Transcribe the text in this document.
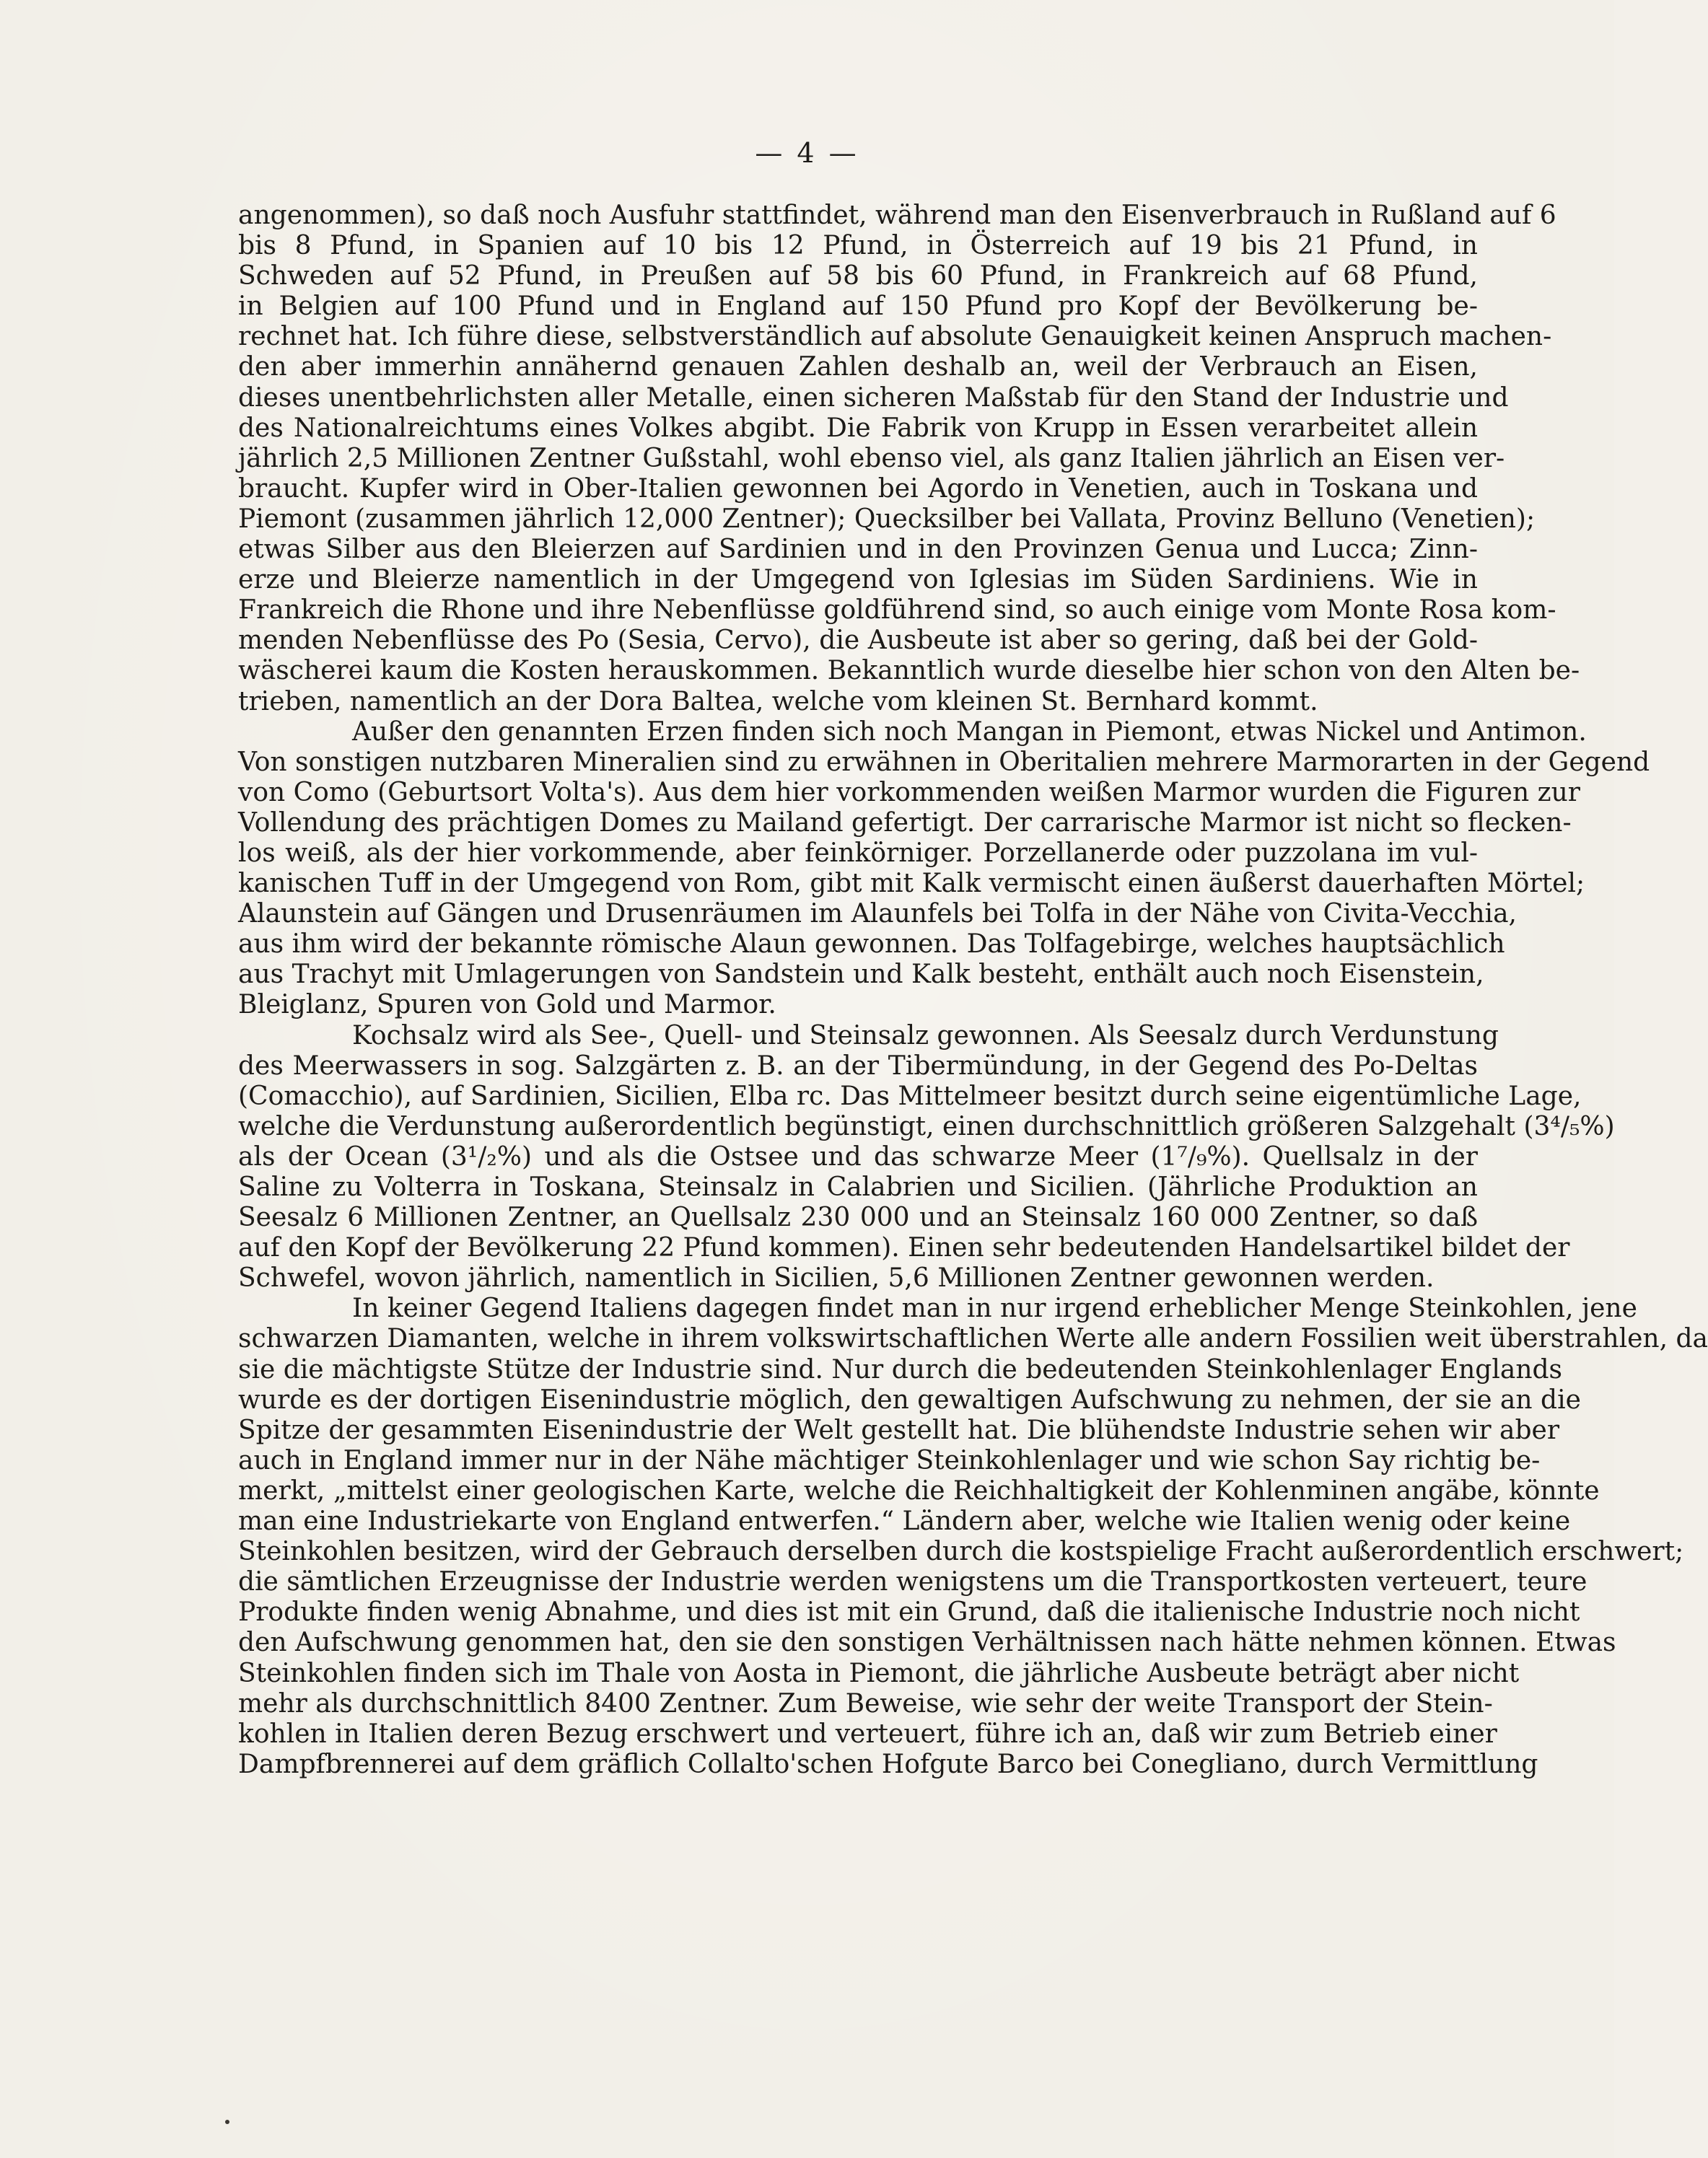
— 4 —
angenommen), so daß noch Ausfuhr stattfindet, während man den Eisenverbrauch in Rußland auf 6
bis 8 Pfund, in Spanien auf 10 bis 12 Pfund, in Österreich auf 19 bis 21 Pfund, in
Schweden auf 52 Pfund, in Preußen auf 58 bis 60 Pfund, in Frankreich auf 68 Pfund,
in Belgien auf 100 Pfund und in England auf 150 Pfund pro Kopf der Bevölkerung be-
rechnet hat. Ich führe diese, selbstverständlich auf absolute Genauigkeit keinen Anspruch machen-
den aber immerhin annähernd genauen Zahlen deshalb an, weil der Verbrauch an Eisen,
dieses unentbehrlichsten aller Metalle, einen sicheren Maßstab für den Stand der Industrie und
des Nationalreichtums eines Volkes abgibt. Die Fabrik von Krupp in Essen verarbeitet allein
jährlich 2,5 Millionen Zentner Gußstahl, wohl ebenso viel, als ganz Italien jährlich an Eisen ver-
braucht. Kupfer wird in Ober-Italien gewonnen bei Agordo in Venetien, auch in Toskana und
Piemont (zusammen jährlich 12,000 Zentner); Quecksilber bei Vallata, Provinz Belluno (Venetien);
etwas Silber aus den Bleierzen auf Sardinien und in den Provinzen Genua und Lucca; Zinn-
erze und Bleierze namentlich in der Umgegend von Iglesias im Süden Sardiniens. Wie in
Frankreich die Rhone und ihre Nebenflüsse goldführend sind, so auch einige vom Monte Rosa kom-
menden Nebenflüsse des Po (Sesia, Cervo), die Ausbeute ist aber so gering, daß bei der Gold-
wäscherei kaum die Kosten herauskommen. Bekanntlich wurde dieselbe hier schon von den Alten be-
trieben, namentlich an der Dora Baltea, welche vom kleinen St. Bernhard kommt.
Außer den genannten Erzen finden sich noch Mangan in Piemont, etwas Nickel und Antimon.
Von sonstigen nutzbaren Mineralien sind zu erwähnen in Oberitalien mehrere Marmorarten in der Gegend
von Como (Geburtsort Volta's). Aus dem hier vorkommenden weißen Marmor wurden die Figuren zur
Vollendung des prächtigen Domes zu Mailand gefertigt. Der carrarische Marmor ist nicht so flecken-
los weiß, als der hier vorkommende, aber feinkörniger. Porzellanerde oder puzzolana im vul-
kanischen Tuff in der Umgegend von Rom, gibt mit Kalk vermischt einen äußerst dauerhaften Mörtel;
Alaunstein auf Gängen und Drusenräumen im Alaunfels bei Tolfa in der Nähe von Civita-Vecchia,
aus ihm wird der bekannte römische Alaun gewonnen. Das Tolfagebirge, welches hauptsächlich
aus Trachyt mit Umlagerungen von Sandstein und Kalk besteht, enthält auch noch Eisenstein,
Bleiglanz, Spuren von Gold und Marmor.
Kochsalz wird als See-, Quell- und Steinsalz gewonnen. Als Seesalz durch Verdunstung
des Meerwassers in sog. Salzgärten z. B. an der Tibermündung, in der Gegend des Po-Deltas
(Comacchio), auf Sardinien, Sicilien, Elba rc. Das Mittelmeer besitzt durch seine eigentümliche Lage,
welche die Verdunstung außerordentlich begünstigt, einen durchschnittlich größeren Salzgehalt (3⁴/₅%)
als der Ocean (3¹/₂%) und als die Ostsee und das schwarze Meer (1⁷/₉%). Quellsalz in der
Saline zu Volterra in Toskana, Steinsalz in Calabrien und Sicilien. (Jährliche Produktion an
Seesalz 6 Millionen Zentner, an Quellsalz 230 000 und an Steinsalz 160 000 Zentner, so daß
auf den Kopf der Bevölkerung 22 Pfund kommen). Einen sehr bedeutenden Handelsartikel bildet der
Schwefel, wovon jährlich, namentlich in Sicilien, 5,6 Millionen Zentner gewonnen werden.
In keiner Gegend Italiens dagegen findet man in nur irgend erheblicher Menge Steinkohlen, jene
schwarzen Diamanten, welche in ihrem volkswirtschaftlichen Werte alle andern Fossilien weit überstrahlen, da
sie die mächtigste Stütze der Industrie sind. Nur durch die bedeutenden Steinkohlenlager Englands
wurde es der dortigen Eisenindustrie möglich, den gewaltigen Aufschwung zu nehmen, der sie an die
Spitze der gesammten Eisenindustrie der Welt gestellt hat. Die blühendste Industrie sehen wir aber
auch in England immer nur in der Nähe mächtiger Steinkohlenlager und wie schon Say richtig be-
merkt, „mittelst einer geologischen Karte, welche die Reichhaltigkeit der Kohlenminen angäbe, könnte
man eine Industriekarte von England entwerfen.“ Ländern aber, welche wie Italien wenig oder keine
Steinkohlen besitzen, wird der Gebrauch derselben durch die kostspielige Fracht außerordentlich erschwert;
die sämtlichen Erzeugnisse der Industrie werden wenigstens um die Transportkosten verteuert, teure
Produkte finden wenig Abnahme, und dies ist mit ein Grund, daß die italienische Industrie noch nicht
den Aufschwung genommen hat, den sie den sonstigen Verhältnissen nach hätte nehmen können. Etwas
Steinkohlen finden sich im Thale von Aosta in Piemont, die jährliche Ausbeute beträgt aber nicht
mehr als durchschnittlich 8400 Zentner. Zum Beweise, wie sehr der weite Transport der Stein-
kohlen in Italien deren Bezug erschwert und verteuert, führe ich an, daß wir zum Betrieb einer
Dampfbrennerei auf dem gräflich Collalto'schen Hofgute Barco bei Conegliano, durch Vermittlung
